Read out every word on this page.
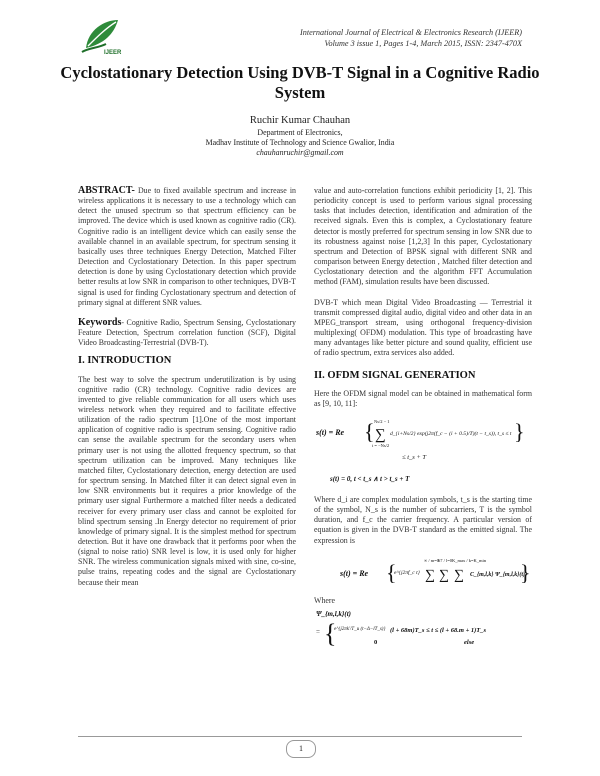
IJEER
International Journal of Electrical & Electronics Research (IJEER)
Volume 3 issue 1, Pages 1-4, March 2015, ISSN: 2347-470X
Cyclostationary Detection Using DVB-T Signal in a Cognitive Radio System
Ruchir Kumar Chauhan
Department of Electronics,
Madhav Institute of Technology and Science Gwalior, India
chauhanruchir@gmail.com

ABSTRACT- Due to fixed available spectrum and increase in wireless applications it is necessary to use a technology which can detect the unused spectrum so that spectrum efficiency can be improved. The device which is used known as cognitive radio (CR). Cognitive radio is an intelligent device which can easily sense the available channel in an available spectrum, for spectrum sensing it basically uses three techniques Energy Detection, Matched Filter Detection and Cyclostationary Detection. In this paper spectrum detection is done by using Cyclostationary detection which provide better results at low SNR in comparison to other techniques, DVB-T signal is used for finding Cyclostationary spectrum and detection of primary signal at different SNR values.

Keywords- Cognitive Radio, Spectrum Sensing, Cyclostationary Feature Detection, Spectrum correlation function (SCF), Digital Video Broadcasting-Terrestrial (DVB-T).

I. INTRODUCTION

The best way to solve the spectrum underutilization is by using cognitive radio (CR) technology. Cognitive radio devices are invented to give reliable communication for all users which uses wireless network when they required and to facilitate effective utilization of the radio spectrum [1].One of the most important application of cognitive radio is spectrum sensing. Cognitive radio can sense the available spectrum for the secondary users when primary user is not using the allotted frequency spectrum, so that spectrum utilization can be improved. Many techniques like matched filter, Cyclostationary detection, energy detection are used for spectrum sensing. In Matched filter it can detect signal even in low SNR environments but it requires a prior knowledge of the primary user signal Furthermore a matched filter needs a dedicated receiver for every primary user class and cannot be exploited for blind spectrum sensing .In Energy detector no requirement of prior knowledge of primary signal. It is the simplest method for spectrum detection. But it have one drawback that it performs poor when the (signal to noise ratio) SNR level is low, it is used only for higher SNR. The wireless communication signals mixed with sine, co-sine, pulse trains, repeating codes and the signal are Cyclostationary because their mean

value and auto-correlation functions exhibit periodicity [1, 2]. This periodicity concept is used to perform various signal processing tasks that includes detection, identification and admiration of the received signals. Even this is complex, a Cyclostationary feature detector is mostly preferred for spectrum sensing in low SNR due to its robustness against noise [1,2,3] In this paper, Cyclostationary spectrum and Detection of BPSK signal with different SNR and comparison between Energy detection , Matched filter detection and Cyclostationary detection and the algorithm FFT Accumulation method (FAM), simulation results have been discussed.

DVB-T which mean Digital Video Broadcasting — Terrestrial it transmit compressed digital audio, digital video and other data in an MPEG_transport stream, using orthogonal frequency-division multiplexing( OFDM) modulation. This type of broadcasting have many advantages like better picture and sound quality, efficient use of radio spectrum, extra services also added.

II. OFDM SIGNAL GENERATION

Here the OFDM signal model can be obtained in mathematical form as [9, 10, 11]:

s(t) = Re { Ns/2 − 1
∑
i = −Ns/2
d_{i+Ns/2} exp(j2π(f_c − (i + 0.5)/T)(t − t_s)), t_s ≤ t }
≤ t_s + T
s(t) = 0, t < t_s ∧ t > t_s + T

Where d_i are complex modulation symbols, t_s is the starting time of the symbol, N_s is the number of subcarriers, T is the symbol duration, and f_c the carrier frequency. A particular version of equation is given in the DVB-T standard as the emitted signal. The expression is

s(t) = Re {
e^{j2πf_c t}
∞ / m=0
∑
67 / l=0
∑
K_max / k=K_min
∑ C_{m,l,k} Ψ_{m,l,k}(t)
}

Where

Ψ_{m,l,k}(t)
= {
e^{j2πk′/T_u (t−Δ−lT_s)} (l + 68m)T_s ≤ t ≤ (l + 68.m + 1)T_s
0	else
1
